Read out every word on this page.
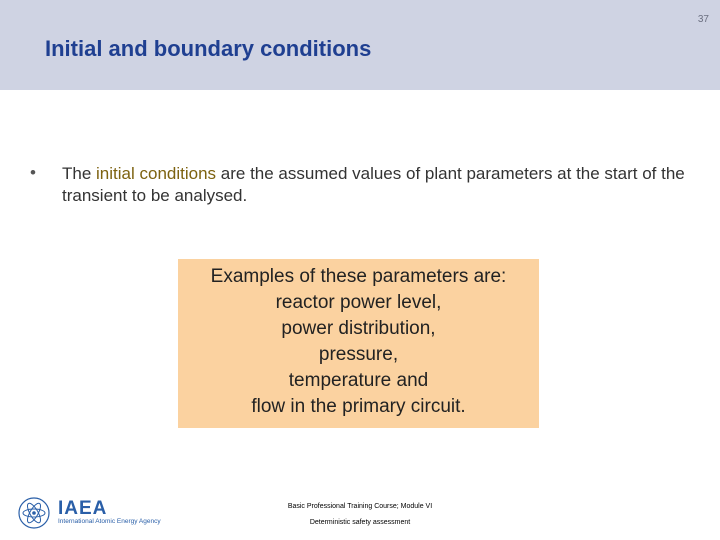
37
Initial and boundary conditions
• The initial conditions are the assumed values of plant parameters at the start of the transient to be analysed.
Examples of these parameters are:
reactor power level,
power distribution,
pressure,
temperature and
flow in the primary circuit.
IAEA
International Atomic Energy Agency
Basic Professional Training Course; Module VI
Deterministic safety assessment
